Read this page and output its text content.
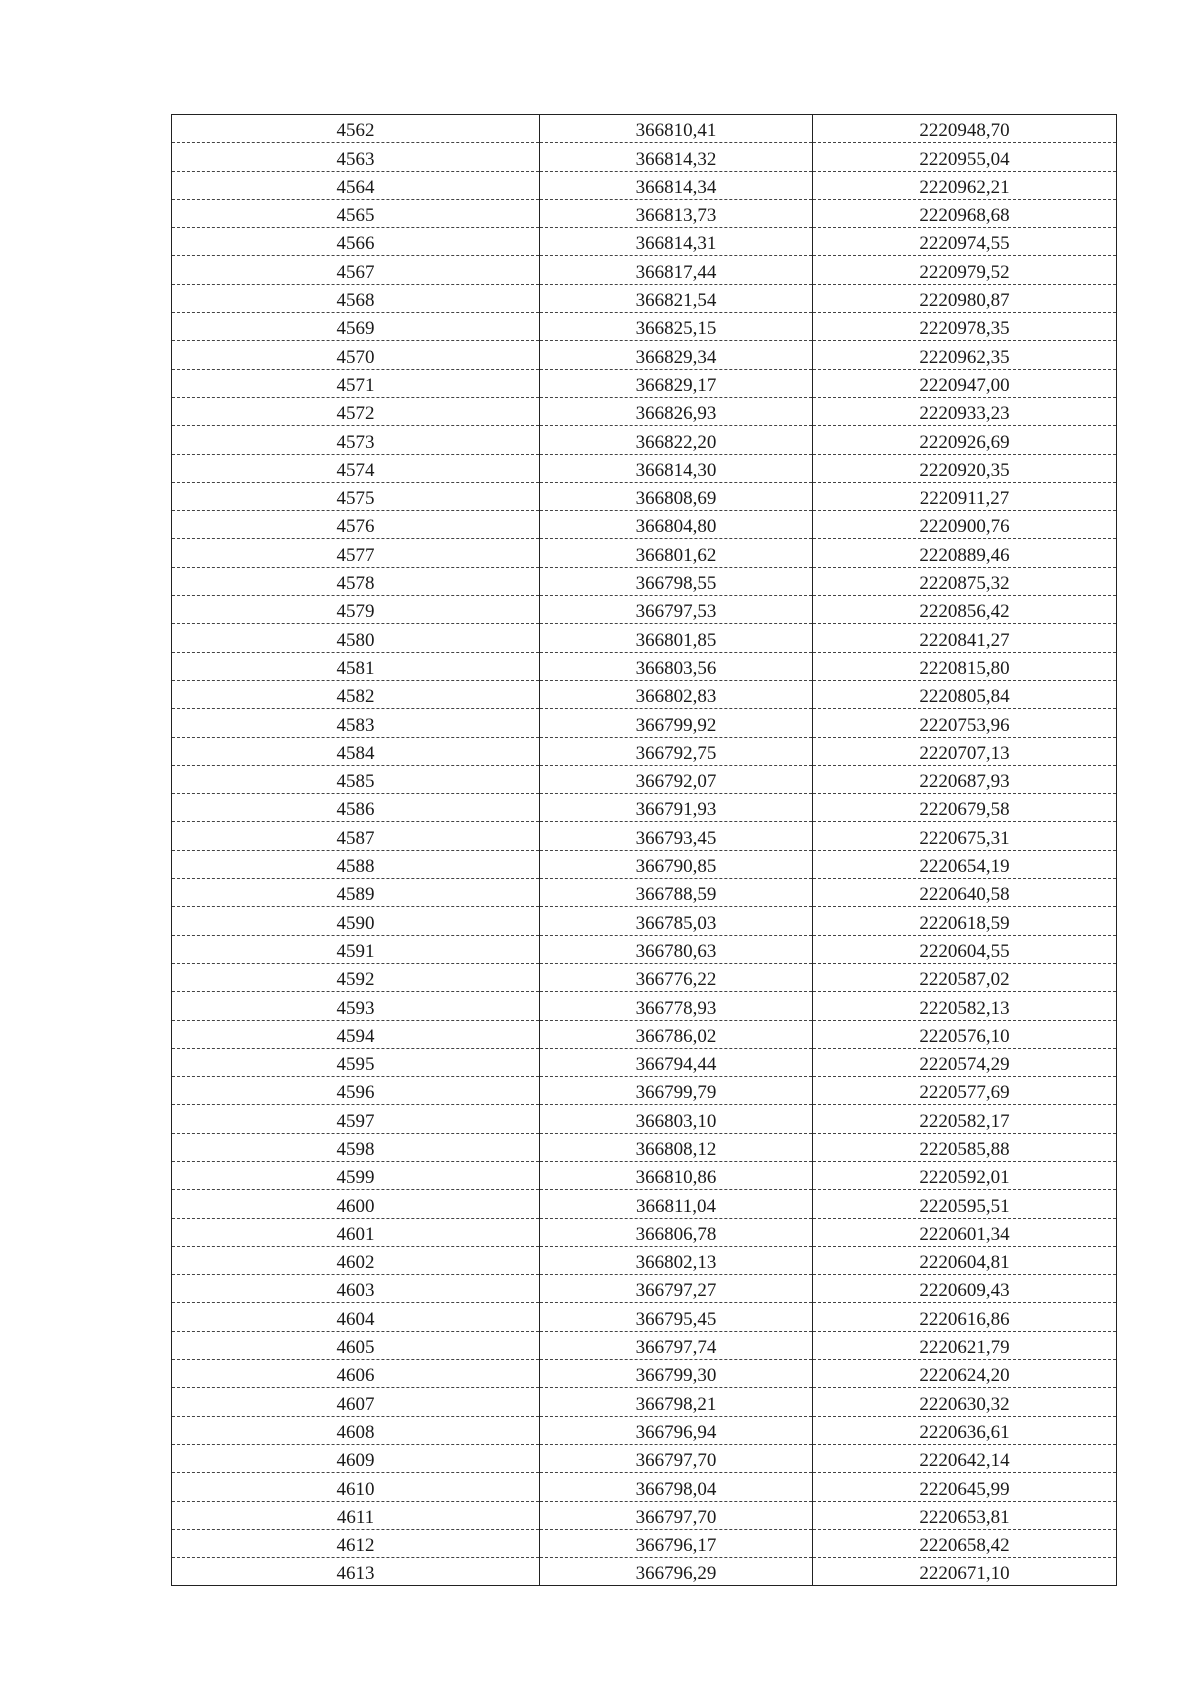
4562	366810,41	2220948,70
4563	366814,32	2220955,04
4564	366814,34	2220962,21
4565	366813,73	2220968,68
4566	366814,31	2220974,55
4567	366817,44	2220979,52
4568	366821,54	2220980,87
4569	366825,15	2220978,35
4570	366829,34	2220962,35
4571	366829,17	2220947,00
4572	366826,93	2220933,23
4573	366822,20	2220926,69
4574	366814,30	2220920,35
4575	366808,69	2220911,27
4576	366804,80	2220900,76
4577	366801,62	2220889,46
4578	366798,55	2220875,32
4579	366797,53	2220856,42
4580	366801,85	2220841,27
4581	366803,56	2220815,80
4582	366802,83	2220805,84
4583	366799,92	2220753,96
4584	366792,75	2220707,13
4585	366792,07	2220687,93
4586	366791,93	2220679,58
4587	366793,45	2220675,31
4588	366790,85	2220654,19
4589	366788,59	2220640,58
4590	366785,03	2220618,59
4591	366780,63	2220604,55
4592	366776,22	2220587,02
4593	366778,93	2220582,13
4594	366786,02	2220576,10
4595	366794,44	2220574,29
4596	366799,79	2220577,69
4597	366803,10	2220582,17
4598	366808,12	2220585,88
4599	366810,86	2220592,01
4600	366811,04	2220595,51
4601	366806,78	2220601,34
4602	366802,13	2220604,81
4603	366797,27	2220609,43
4604	366795,45	2220616,86
4605	366797,74	2220621,79
4606	366799,30	2220624,20
4607	366798,21	2220630,32
4608	366796,94	2220636,61
4609	366797,70	2220642,14
4610	366798,04	2220645,99
4611	366797,70	2220653,81
4612	366796,17	2220658,42
4613	366796,29	2220671,10
